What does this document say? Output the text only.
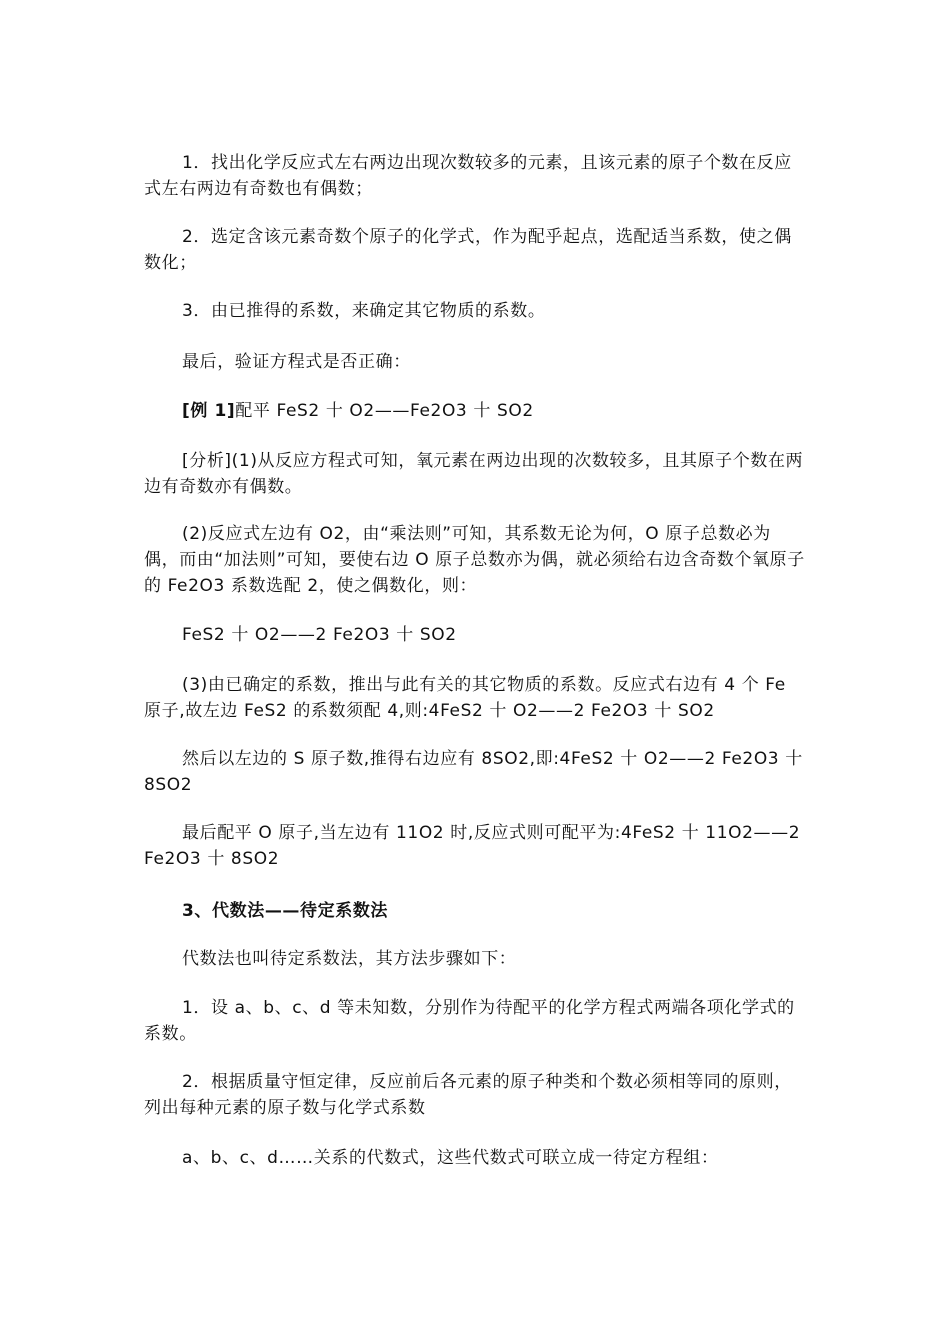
1．找出化学反应式左右两边出现次数较多的元素，且该元素的原子个数在反应式左右两边有奇数也有偶数；

2．选定含该元素奇数个原子的化学式，作为配乎起点，选配适当系数，使之偶数化；

3．由已推得的系数，来确定其它物质的系数。

最后，验证方程式是否正确：

[例 1]配平 FeS2 十 O2——Fe2O3 十 SO2

[分析](1)从反应方程式可知，氧元素在两边出现的次数较多，且其原子个数在两边有奇数亦有偶数。

(2)反应式左边有 O2，由“乘法则”可知，其系数无论为何，O 原子总数必为偶，而由“加法则”可知，要使右边 O 原子总数亦为偶，就必须给右边含奇数个氧原子的 Fe2O3 系数选配 2，使之偶数化，则：

FeS2 十 O2——2 Fe2O3 十 SO2

(3)由已确定的系数，推出与此有关的其它物质的系数。反应式右边有 4 个 Fe 原子,故左边 FeS2 的系数须配 4,则:4FeS2 十 O2——2 Fe2O3 十 SO2

然后以左边的 S 原子数,推得右边应有 8SO2,即:4FeS2 十 O2——2 Fe2O3 十 8SO2

最后配平 O 原子,当左边有 11O2 时,反应式则可配平为:4FeS2 十 11O2——2 Fe2O3 十 8SO2

3、代数法——待定系数法

代数法也叫待定系数法，其方法步骤如下：

1．设 a、b、c、d 等未知数，分别作为待配平的化学方程式两端各项化学式的系数。

2．根据质量守恒定律，反应前后各元素的原子种类和个数必须相等同的原则，列出每种元素的原子数与化学式系数

a、b、c、d……关系的代数式，这些代数式可联立成一待定方程组：
